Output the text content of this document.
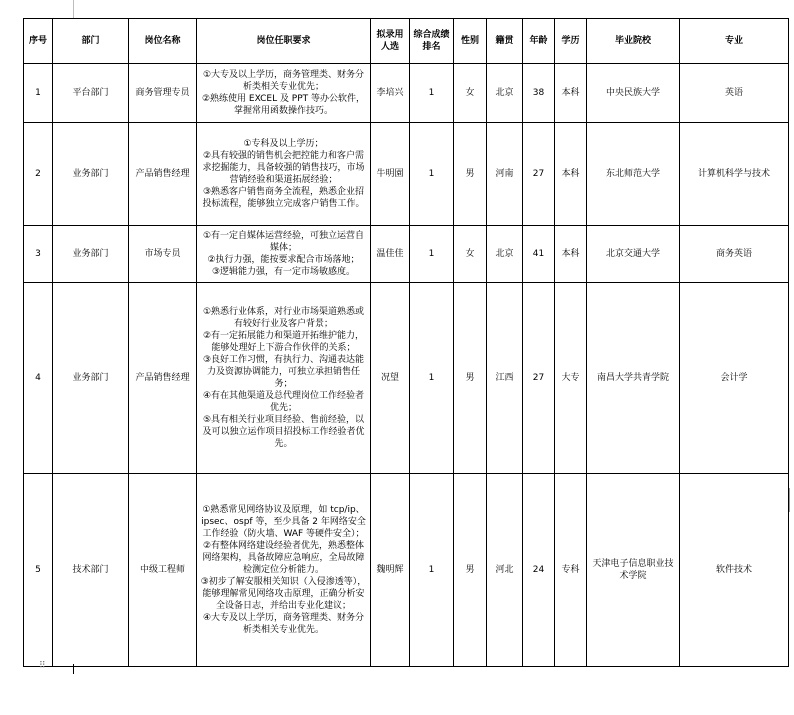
序号	部门	岗位名称	岗位任职要求	拟录用人选	综合成绩排名	性别	籍贯	年龄	学历	毕业院校	专业
1	平台部门	商务管理专员	①大专及以上学历，商务管理类、财务分析类相关专业优先；
②熟练使用 EXCEL 及 PPT 等办公软件，掌握常用函数操作技巧。	李培兴	1	女	北京	38	本科	中央民族大学	英语
2	业务部门	产品销售经理	①专科及以上学历；
②具有较强的销售机会把控能力和客户需求挖掘能力，具备较强的销售技巧，市场营销经验和渠道拓展经验；
③熟悉客户销售商务全流程，熟悉企业招投标流程，能够独立完成客户销售工作。	牛明園	1	男	河南	27	本科	东北师范大学	计算机科学与技术
3	业务部门	市场专员	①有一定自媒体运营经验，可独立运营自媒体；
②执行力强，能按要求配合市场落地；
③逻辑能力强，有一定市场敏感度。	温佳佳	1	女	北京	41	本科	北京交通大学	商务英语
4	业务部门	产品销售经理	①熟悉行业体系，对行业市场渠道熟悉或有较好行业及客户背景；
②有一定拓展能力和渠道开拓维护能力，能够处理好上下游合作伙伴的关系；
③良好工作习惯，有执行力、沟通表达能力及资源协调能力，可独立承担销售任务；
④有在其他渠道及总代理岗位工作经验者优先；
⑤具有相关行业项目经验、售前经验，以及可以独立运作项目招投标工作经验者优先。	况望	1	男	江西	27	大专	南昌大学共青学院	会计学
5	技术部门	中级工程师	①熟悉常见网络协议及原理，如 tcp/ip、ipsec、ospf 等，至少具备 2 年网络安全工作经验（防火墙、WAF 等硬件安全）；
②有整体网络建设经验者优先，熟悉整体网络架构，具备故障应急响应，全局故障检测定位分析能力。
③初步了解安服相关知识（入侵渗透等），能够理解常见网络攻击原理，正确分析安全设备日志，并给出专业化建议；
④大专及以上学历，商务管理类、财务分析类相关专业优先。	魏明辉	1	男	河北	24	专科	天津电子信息职业技术学院	软件技术
⠿
